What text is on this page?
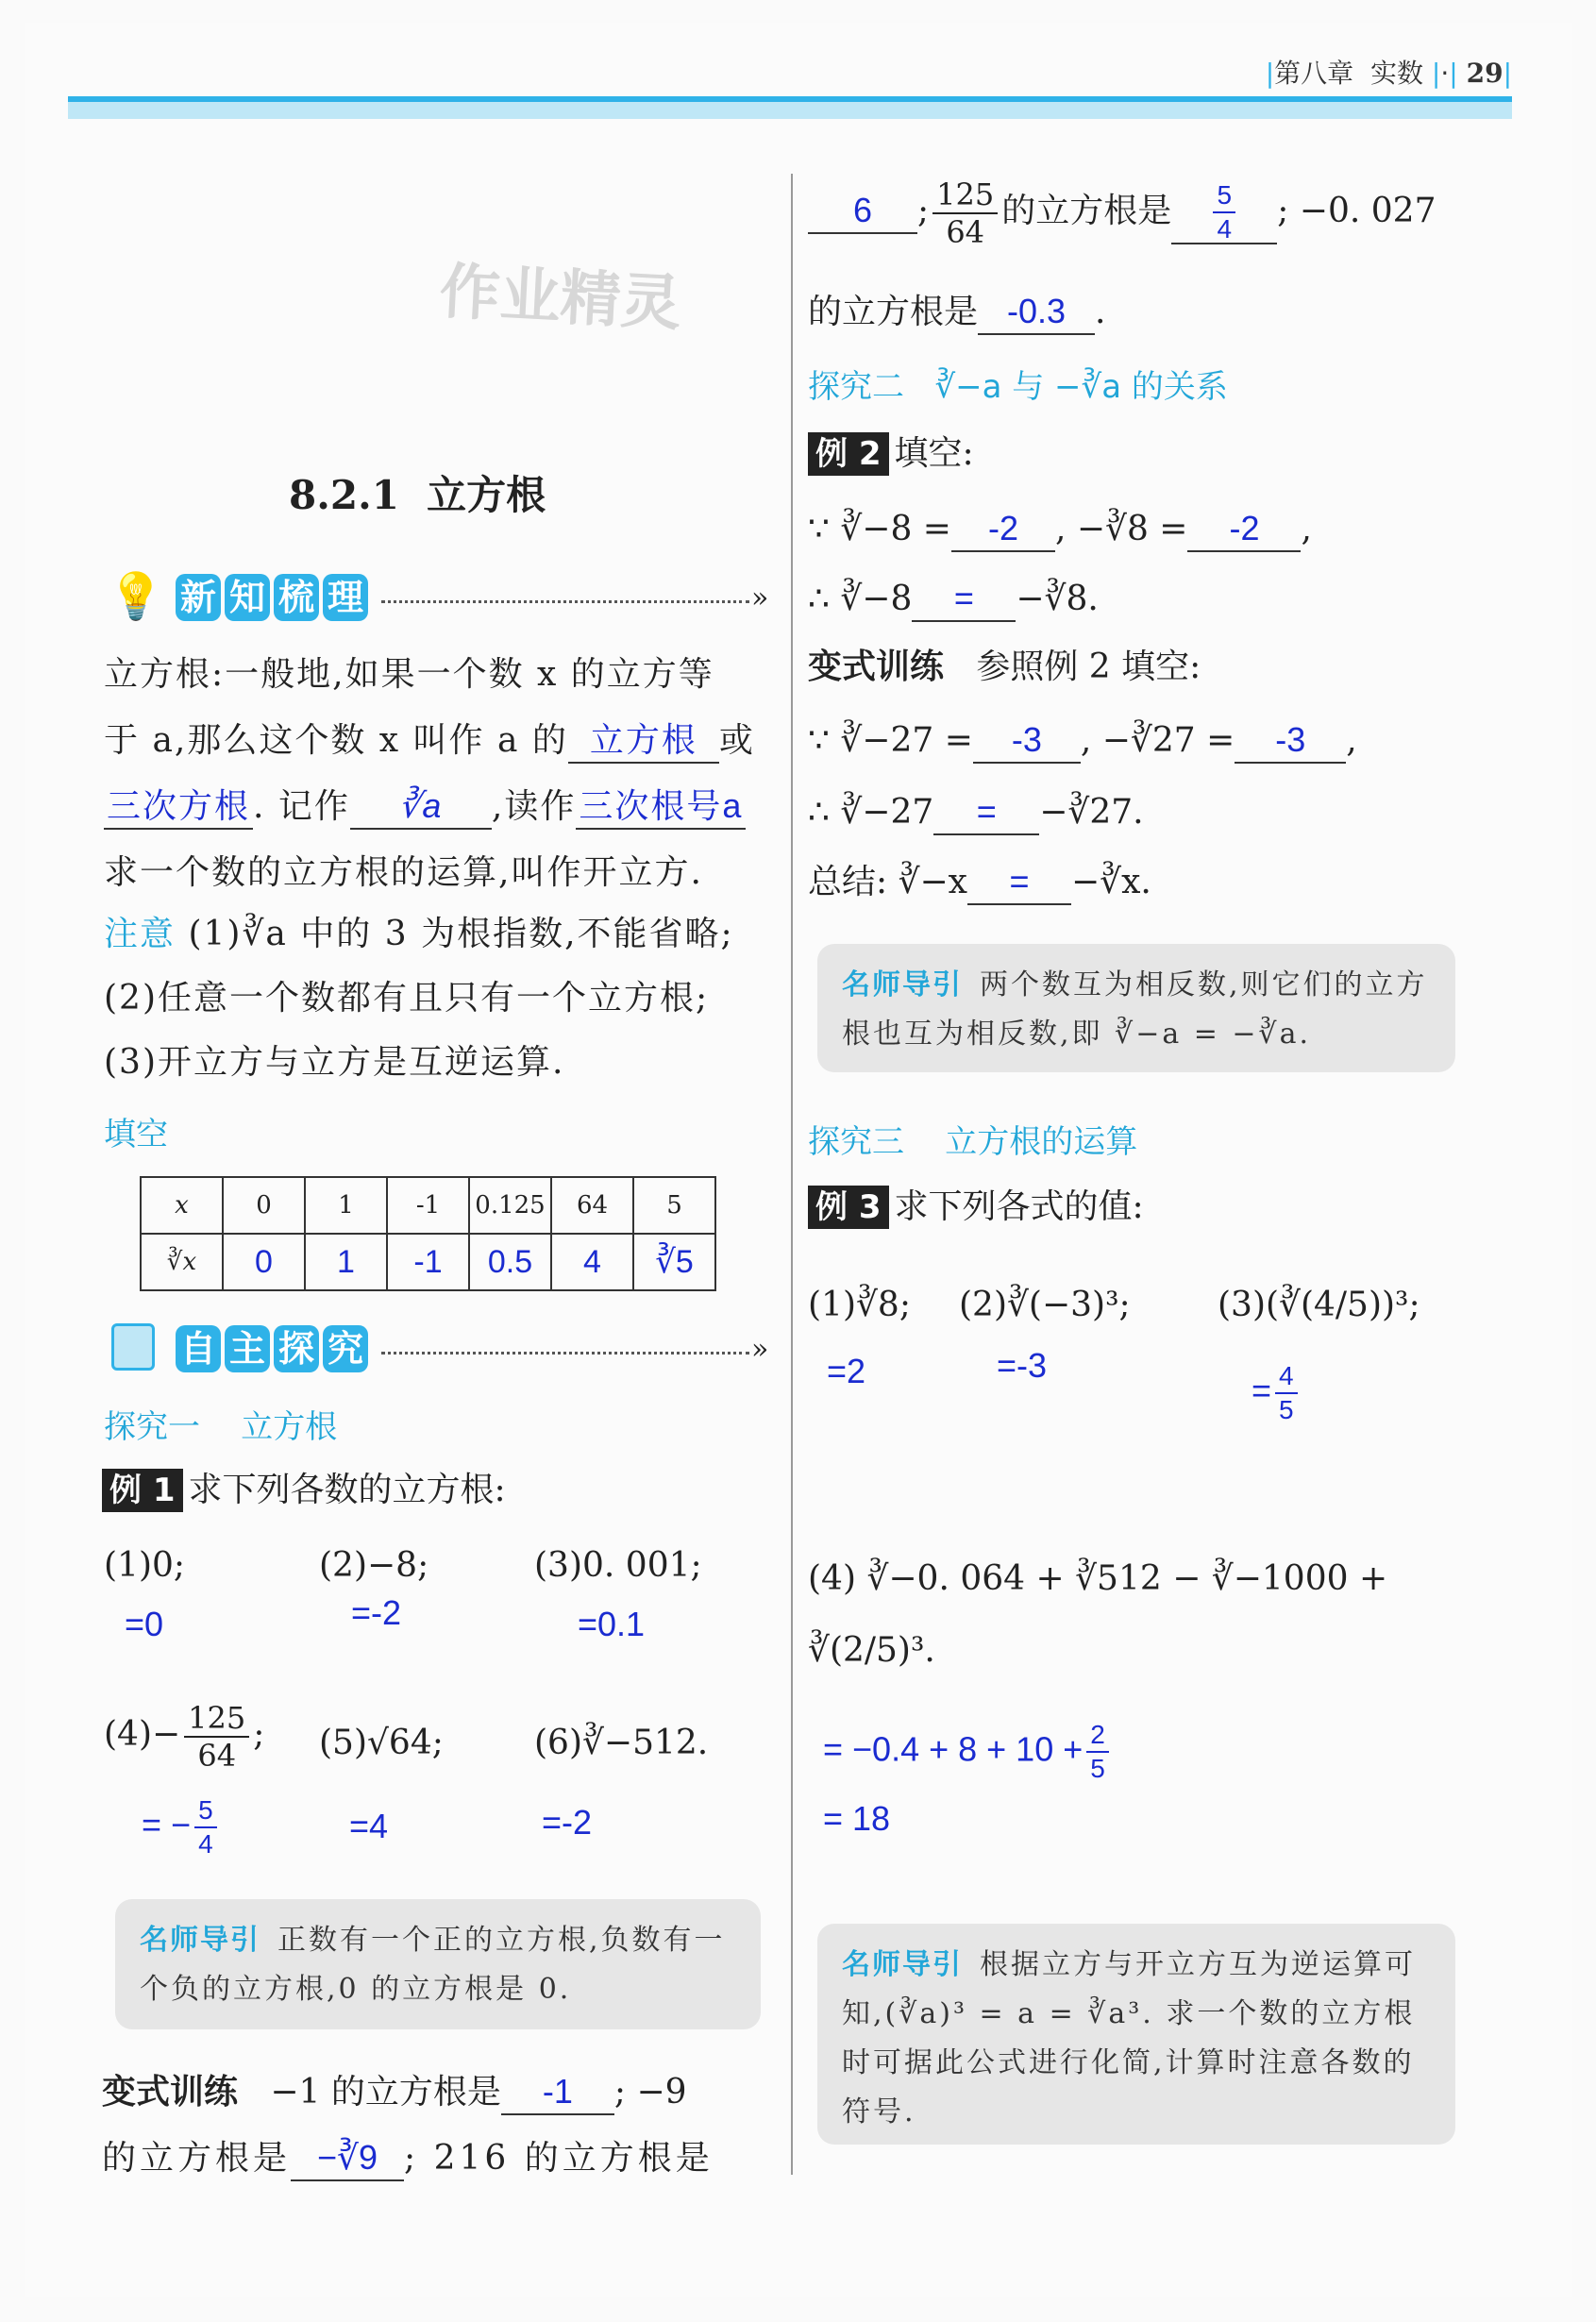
|第八章 实数 |·| 29|
作业精灵
8.2.1  立方根
💡 新 知 梳 理	»
立方根:一般地,如果一个数 x 的立方等
于 a,那么这个数 x 叫作 a 的 立方根 或
三次方根. 记作 ∛a ,读作三次根号a
求一个数的立方根的运算,叫作开立方.
注意 (1)∛a 中的 3 为根指数,不能省略;
(2)任意一个数都有且只有一个立方根;
(3)开立方与立方是互逆运算.
填空
x	0	1	-1	0.125	64	5
∛x	0	1	-1	0.5	4	∛5
自 主 探 究	»
探究一    立方根
例 1 求下列各数的立方根:
(1)0;
=0
(2)−8;
=-2
(3)0. 001;
=0.1
$(4)- \frac{125}{64}$ ;
= − $\frac{5}{4}$
(5)√64;
=4
(6)∛−512.
=-2
名师导引 正数有一个正的立方根,负数有一个负的立方根,0 的立方根是 0.
变式训练 −1 的立方根是 -1 ; −9
的立方根是 −∛9 ; 216 的立方根是
6 ; $\frac{125}{64}$ 的立方根是 $\frac{5}{4}$ ; −0. 027
的立方根是 -0.3 .
探究二 ∛−a 与 −∛a 的关系
例 2 填空:
∵ ∛−8 = -2 , −∛8 = -2 ,
∴ ∛−8 = −∛8.
变式训练 参照例 2 填空:
∵ ∛−27 = -3 , −∛27 = -3 ,
∴ ∛−27 = −∛27.
总结: ∛−x = −∛x.
名师导引 两个数互为相反数,则它们的立方根也互为相反数,即 ∛−a = −∛a.
探究三    立方根的运算
例 3 求下列各式的值:
(1)∛8;
=2
(2)∛(−3)³;
=-3
(3)(∛(4/5))³;
= $\frac{4}{5}$
(4) ∛−0. 064 + ∛512 − ∛−1000 +
∛(2/5)³.
= $-0.4 + 8 + 10 + \frac{2}{5}$
= 18
名师导引 根据立方与开立方互为逆运算可知,(∛a)³ = a = ∛a³. 求一个数的立方根时可据此公式进行化简,计算时注意各数的符号.
